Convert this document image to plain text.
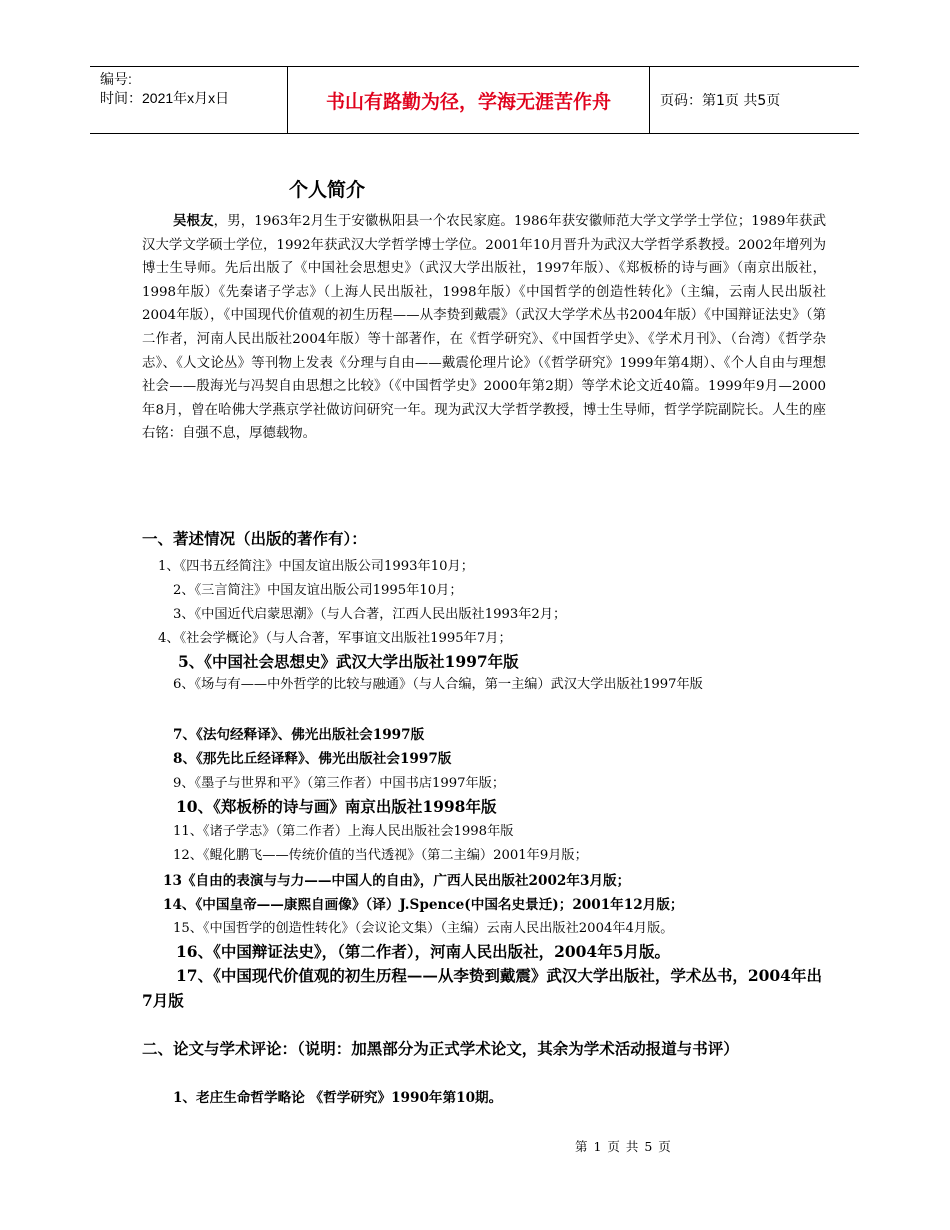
编号:
时间：2021年x月x日	书山有路勤为径，学海无涯苦作舟	页码：第1页 共5页
个人简介
吴根友，男，1963年2月生于安徽枞阳县一个农民家庭。1986年获安徽师范大学文学学士学位；1989年获武汉大学文学硕士学位，1992年获武汉大学哲学博士学位。2001年10月晋升为武汉大学哲学系教授。2002年增列为博士生导师。先后出版了《中国社会思想史》（武汉大学出版社，1997年版）、《郑板桥的诗与画》（南京出版社，1998年版）《先秦诸子学志》（上海人民出版社，1998年版）《中国哲学的创造性转化》（主编，云南人民出版社2004年版），《中国现代价值观的初生历程——从李贽到戴震》（武汉大学学术丛书2004年版）《中国辩证法史》（第二作者，河南人民出版社2004年版）等十部著作，在《哲学研究》、《中国哲学史》、《学术月刊》、（台湾）《哲学杂志》、《人文论丛》等刊物上发表《分理与自由——戴震伦理片论》（《哲学研究》1999年第4期）、《个人自由与理想社会——殷海光与冯契自由思想之比较》（《中国哲学史》2000年第2期）等学术论文近40篇。1999年9月—2000年8月，曾在哈佛大学燕京学社做访问研究一年。现为武汉大学哲学教授，博士生导师，哲学学院副院长。人生的座右铭：自强不息，厚德载物。
一、著述情况（出版的著作有）：
1、《四书五经简注》中国友谊出版公司1993年10月；
2、《三言简注》中国友谊出版公司1995年10月；
3、《中国近代启蒙思潮》（与人合著，江西人民出版社1993年2月；
4、《社会学概论》（与人合著，军事谊文出版社1995年7月；
5、《中国社会思想史》武汉大学出版社1997年版
6、《场与有——中外哲学的比较与融通》（与人合编，第一主编）武汉大学出版社1997年版
7、《法句经释译》、佛光出版社会1997版
8、《那先比丘经译释》、佛光出版社会1997版
9、《墨子与世界和平》（第三作者）中国书店1997年版；
10、《郑板桥的诗与画》南京出版社1998年版
11、《诸子学志》（第二作者）上海人民出版社会1998年版
12、《鲲化鹏飞——传统价值的当代透视》（第二主编）2001年9月版；
13《自由的表演与与力——中国人的自由》，广西人民出版社2002年3月版；
14、《中国皇帝——康熙自画像》（译）J.Spence(中国名史景迁)；2001年12月版；
15、《中国哲学的创造性转化》（会议论文集）（主编）云南人民出版社2004年4月版。
16、《中国辩证法史》，（第二作者），河南人民出版社，2004年5月版。
17、《中国现代价值观的初生历程——从李贽到戴震》武汉大学出版社，学术丛书，2004年出7月版
二、论文与学术评论：（说明：加黑部分为正式学术论文，其余为学术活动报道与书评）
1、老庄生命哲学略论 《哲学研究》1990年第10期。
第 1 页 共 5 页
